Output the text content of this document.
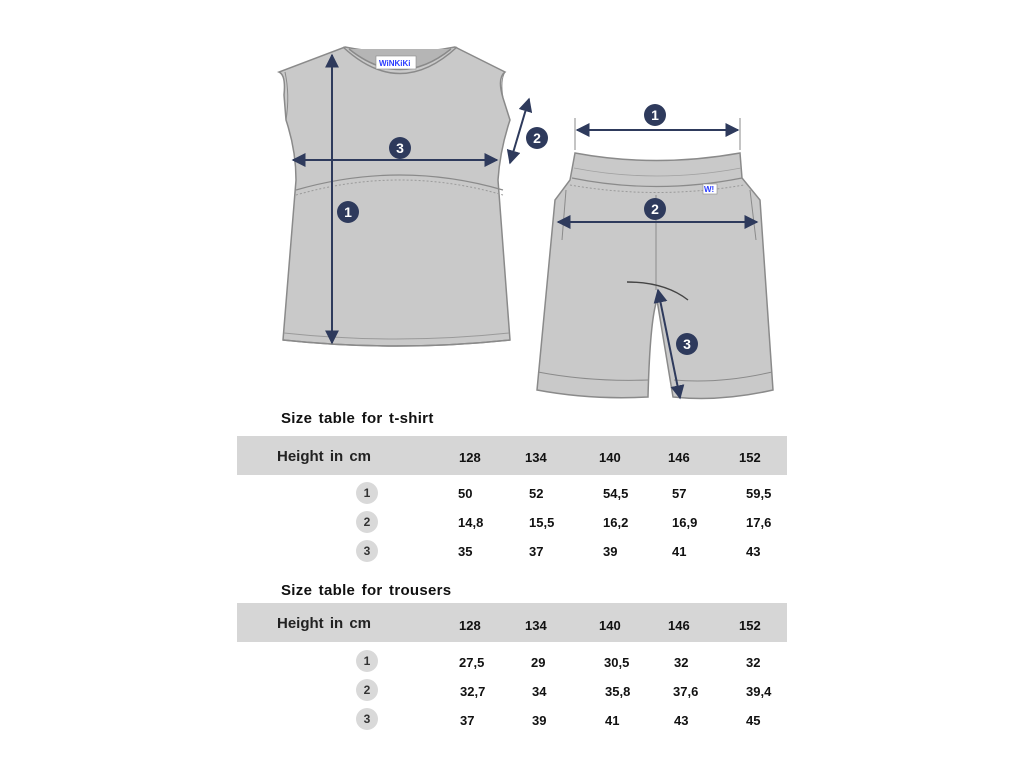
WiNKiKi
W!
1
2
3
1
2
3
Size table for t-shirt
Height in cm	128	134	140	146	152
1	50	52	54,5	57	59,5
2	14,8	15,5	16,2	16,9	17,6
3	35	37	39	41	43
Size table for trousers
Height in cm	128	134	140	146	152
1	27,5	29	30,5	32	32
2	32,7	34	35,8	37,6	39,4
3	37	39	41	43	45
